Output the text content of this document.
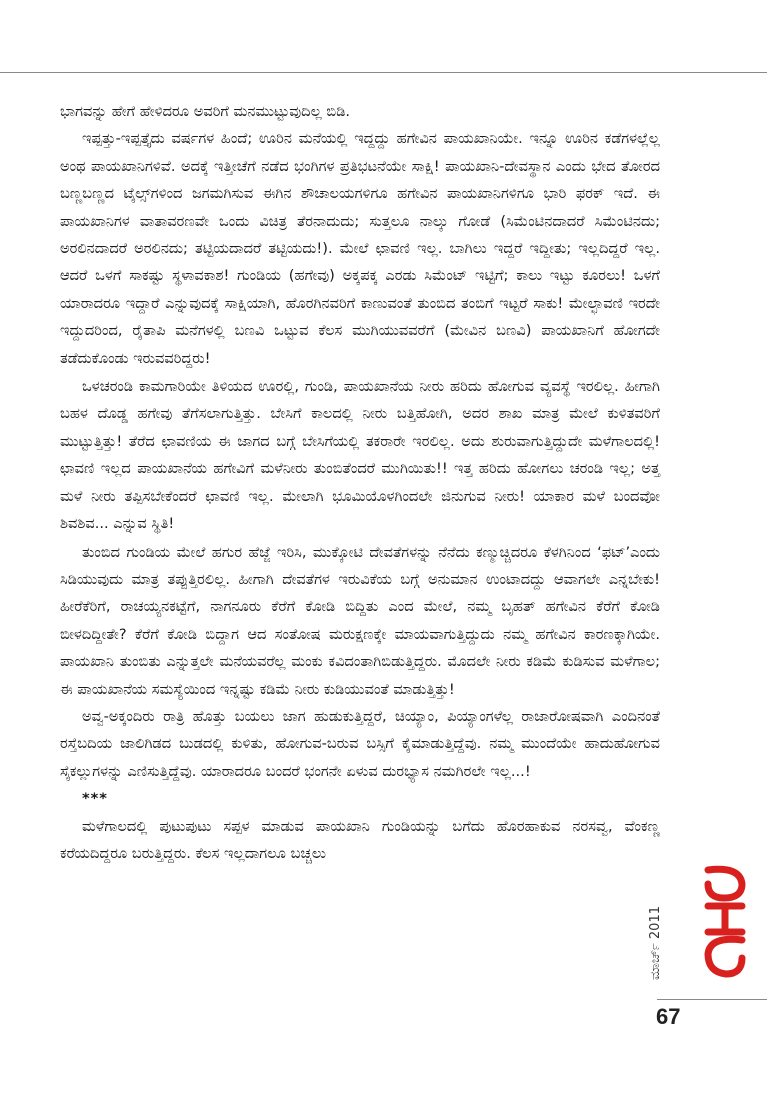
ಭಾಗವನ್ನು ಹೇಗೆ ಹೇಳಿದರೂ ಅವರಿಗೆ ಮನಮುಟ್ಟುವುದಿಲ್ಲ ಬಿಡಿ.

ಇಪ್ಪತ್ತು-ಇಪ್ಪತ್ತೈದು ವರ್ಷಗಳ ಹಿಂದೆ; ಊರಿನ ಮನೆಯಲ್ಲಿ ಇದ್ದದ್ದು ಹಗೇವಿನ ಪಾಯಖಾನಿಯೇ. ಇನ್ನೂ ಊರಿನ ಕಡೆಗಳಲ್ಲೆಲ್ಲ ಅಂಥ ಪಾಯಖಾನಿಗಳಿವೆ. ಅದಕ್ಕೆ ಇತ್ತೀಚೆಗೆ ನಡೆದ ಭಂಗಿಗಳ ಪ್ರತಿಭಟನೆಯೇ ಸಾಕ್ಷಿ! ಪಾಯಖಾನಿ-ದೇವಸ್ಥಾನ ಎಂದು ಭೇದ ತೋರದ ಬಣ್ಣಬಣ್ಣದ ಟೈಲ್ಸ್‌ಗಳಿಂದ ಜಗಮಗಿಸುವ ಈಗಿನ ಶೌಚಾಲಯಗಳಿಗೂ ಹಗೇವಿನ ಪಾಯಖಾನಿಗಳಿಗೂ ಭಾರಿ ಫರಕ್ ಇದೆ. ಈ ಪಾಯಖಾನಿಗಳ ವಾತಾವರಣವೇ ಒಂದು ವಿಚಿತ್ರ ತೆರನಾದುದು; ಸುತ್ತಲೂ ನಾಲ್ಕು ಗೋಡೆ (ಸಿಮೆಂಟಿನದಾದರೆ ಸಿಮೆಂಟಿನದು; ಅರಲಿನದಾದರೆ ಅರಲಿನದು; ತಟ್ಟಿಯದಾದರೆ ತಟ್ಟಿಯದು!). ಮೇಲೆ ಛಾವಣಿ ಇಲ್ಲ. ಬಾಗಿಲು ಇದ್ದರೆ ಇದ್ದೀತು; ಇಲ್ಲದಿದ್ದರೆ ಇಲ್ಲ. ಆದರೆ ಒಳಗೆ ಸಾಕಷ್ಟು ಸ್ಥಳಾವಕಾಶ! ಗುಂಡಿಯ (ಹಗೇವು) ಅಕ್ಕಪಕ್ಕ ಎರಡು ಸಿಮೆಂಟ್ ಇಟ್ಟಿಗೆ; ಕಾಲು ಇಟ್ಟು ಕೂರಲು! ಒಳಗೆ ಯಾರಾದರೂ ಇದ್ದಾರೆ ಎನ್ನುವುದಕ್ಕೆ ಸಾಕ್ಷಿಯಾಗಿ, ಹೊರಗಿನವರಿಗೆ ಕಾಣುವಂತೆ ತುಂಬಿದ ತಂಬಿಗೆ ಇಟ್ಟರೆ ಸಾಕು! ಮೇಲ್ಛಾವಣಿ ಇರದೇ ಇದ್ದುದರಿಂದ, ರೈತಾಪಿ ಮನೆಗಳಲ್ಲಿ ಬಣವಿ ಒಟ್ಟುವ ಕೆಲಸ ಮುಗಿಯುವವರೆಗೆ (ಮೇವಿನ ಬಣವಿ) ಪಾಯಖಾನಿಗೆ ಹೋಗದೇ ತಡೆದುಕೊಂಡು ಇರುವವರಿದ್ದರು!

ಒಳಚರಂಡಿ ಕಾಮಗಾರಿಯೇ ತಿಳಿಯದ ಊರಲ್ಲಿ, ಗುಂಡಿ, ಪಾಯಖಾನೆಯ ನೀರು ಹರಿದು ಹೋಗುವ ವ್ಯವಸ್ಥೆ ಇರಲಿಲ್ಲ. ಹೀಗಾಗಿ ಬಹಳ ದೊಡ್ಡ ಹಗೇವು ತೆಗೆಸಲಾಗುತ್ತಿತ್ತು. ಬೇಸಿಗೆ ಕಾಲದಲ್ಲಿ ನೀರು ಬತ್ತಿಹೋಗಿ, ಅದರ ಶಾಖ ಮಾತ್ರ ಮೇಲೆ ಕುಳಿತವರಿಗೆ ಮುಟ್ಟುತ್ತಿತ್ತು! ತೆರೆದ ಛಾವಣಿಯ ಈ ಜಾಗದ ಬಗ್ಗೆ ಬೇಸಿಗೆಯಲ್ಲಿ ತಕರಾರೇ ಇರಲಿಲ್ಲ. ಅದು ಶುರುವಾಗುತ್ತಿದ್ದುದೇ ಮಳೆಗಾಲದಲ್ಲಿ! ಛಾವಣಿ ಇಲ್ಲದ ಪಾಯಖಾನೆಯ ಹಗೇವಿಗೆ ಮಳೆನೀರು ತುಂಬಿತೆಂದರೆ ಮುಗಿಯಿತು!! ಇತ್ತ ಹರಿದು ಹೋಗಲು ಚರಂಡಿ ಇಲ್ಲ; ಅತ್ತ ಮಳೆ ನೀರು ತಪ್ಪಿಸಬೇಕೆಂದರೆ ಛಾವಣಿ ಇಲ್ಲ. ಮೇಲಾಗಿ ಭೂಮಿಯೊಳಗಿಂದಲೇ ಜಿನುಗುವ ನೀರು! ಯಾಕಾರ ಮಳೆ ಬಂದವೋ ಶಿವಶಿವ... ಎನ್ನುವ ಸ್ಥಿತಿ!

ತುಂಬಿದ ಗುಂಡಿಯ ಮೇಲೆ ಹಗುರ ಹೆಜ್ಜೆ ಇರಿಸಿ, ಮುಕ್ಕೋಟಿ ದೇವತೆಗಳನ್ನು ನೆನೆದು ಕಣ್ಮುಚ್ಚಿದರೂ ಕೆಳಗಿನಿಂದ ‘ಫಟ್’ಎಂದು ಸಿಡಿಯುವುದು ಮಾತ್ರ ತಪ್ಪುತ್ತಿರಲಿಲ್ಲ. ಹೀಗಾಗಿ ದೇವತೆಗಳ ಇರುವಿಕೆಯ ಬಗ್ಗೆ ಅನುಮಾನ ಉಂಟಾದದ್ದು ಆವಾಗಲೇ ಎನ್ನಬೇಕು! ಹೀರೆಕೆರಿಗೆ, ರಾಚಯ್ಯನಕಟ್ಟೆಗೆ, ನಾಗನೂರು ಕೆರೆಗೆ ಕೋಡಿ ಬಿದ್ದಿತು ಎಂದ ಮೇಲೆ, ನಮ್ಮ ಬೃಹತ್ ಹಗೇವಿನ ಕೆರೆಗೆ ಕೋಡಿ ಬೀಳದಿದ್ದೀತೇ? ಕೆರೆಗೆ ಕೋಡಿ ಬಿದ್ದಾಗ ಆದ ಸಂತೋಷ ಮರುಕ್ಷಣಕ್ಕೇ ಮಾಯವಾಗುತ್ತಿದ್ದುದು ನಮ್ಮ ಹಗೇವಿನ ಕಾರಣಕ್ಕಾಗಿಯೇ. ಪಾಯಖಾನಿ ತುಂಬಿತು ಎನ್ನುತ್ತಲೇ ಮನೆಯವರೆಲ್ಲ ಮಂಕು ಕವಿದಂತಾಗಿಬಿಡುತ್ತಿದ್ದರು. ಮೊದಲೇ ನೀರು ಕಡಿಮೆ ಕುಡಿಸುವ ಮಳೆಗಾಲ; ಈ ಪಾಯಖಾನೆಯ ಸಮಸ್ಯೆಯಿಂದ ಇನ್ನಷ್ಟು ಕಡಿಮೆ ನೀರು ಕುಡಿಯುವಂತೆ ಮಾಡುತ್ತಿತ್ತು!

ಅವ್ವ-ಅಕ್ಕಂದಿರು ರಾತ್ರಿ ಹೊತ್ತು ಬಯಲು ಜಾಗ ಹುಡುಕುತ್ತಿದ್ದರೆ, ಚಿಯ್ಯಾಂ, ಪಿಯ್ಯಾಂಗಳೆಲ್ಲ ರಾಜಾರೋಷವಾಗಿ ಎಂದಿನಂತೆ ರಸ್ತೆಬದಿಯ ಜಾಲಿಗಿಡದ ಬುಡದಲ್ಲಿ ಕುಳಿತು, ಹೋಗುವ-ಬರುವ ಬಸ್ಸಿಗೆ ಕೈಮಾಡುತ್ತಿದ್ದೆವು. ನಮ್ಮ ಮುಂದೆಯೇ ಹಾದುಹೋಗುವ ಸೈಕಲ್ಲುಗಳನ್ನು ಎಣಿಸುತ್ತಿದ್ದೆವು. ಯಾರಾದರೂ ಬಂದರೆ ಭಂಗನೇ ಏಳುವ ದುರಭ್ಯಾಸ ನಮಗಿರಲೇ ಇಲ್ಲ...!

***

ಮಳೆಗಾಲದಲ್ಲಿ ಪುಟುಪುಟು ಸಪ್ಪಳ ಮಾಡುವ ಪಾಯಖಾನಿ ಗುಂಡಿಯನ್ನು ಬಗೆದು ಹೊರಹಾಕುವ ನರಸವ್ವ, ವೆಂಕಣ್ಣ ಕರೆಯದಿದ್ದರೂ ಬರುತ್ತಿದ್ದರು. ಕೆಲಸ ಇಲ್ಲದಾಗಲೂ ಬಚ್ಚಲು

ಮಾರ್ಚ್ 2011
67
